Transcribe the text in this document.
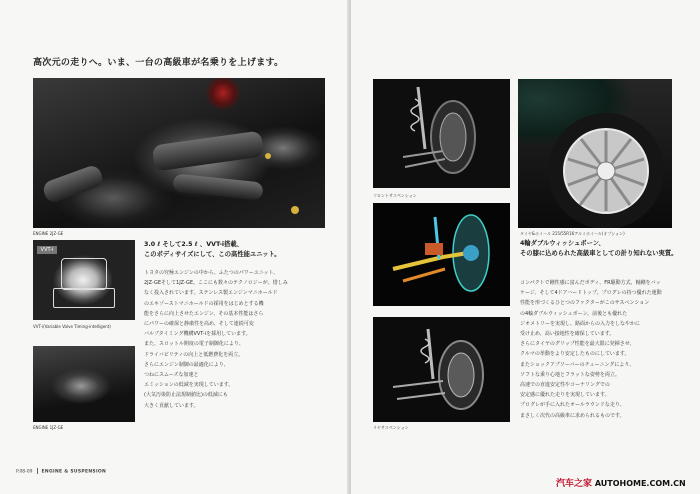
高次元の走りへ。いま、一台の高級車が名乗りを上げます。
ENGINE 2JZ-GE
VVT-i
VVT-i(Variable Valve Timing-intelligent)
ENGINE 1JZ-GE
3.0 ℓ そして2.5 ℓ 、VVT-i搭載、
このボディサイズにして、この高性能ユニット。
トヨタの究極エンジンの中から、ふたつのパワーユニット、
2JZ-GEそして1JZ-GE。ここにも数々のテクノロジーが、惜しみ
なく投入されています。ステンレス製エンジンマニホールド
のエキゾーストマニホールドの採用をはじめとする機
能をさらに向上させたエンジン、その基本性能はさら
にパワーの確保と静粛性を高め、そして連続可変
バルブタイミング機構VVT-iを採用しています。
また、スロットル開度の電子制御化により、
ドライバビリティの向上と低燃費化を両立。
さらにエンジン制御の最適化により、
つねにスムーズな加速と
エミッションの低減を実現しています。
(大気汚染防止法規制値比)の低減にも
大きく貢献しています。
P.08-09 ENGINE & SUSPENSION
フロントサスペンション
タイヤ&ホイール 215/55R16アルミホイール(オプション)
4輪ダブルウィッシュボーン、
その膝に込められた高級車としての計り知れない実質。
コンパクトで剛性感に富んだボディ、FR駆動方式、軸剛をバッ
ケージ、そして4ドアハードトップ。プログレの持つ優れた運動
性能を形づくるひとつのファクターがこのサスペンション
の4輪ダブルウィッシュボーン。前後とも優れた
ジオメトリーを実現し、路面からの入力をしなやかに
受け止め、高い接地性を確保しています。
さらにタイヤのグリップ性能を最大限に発揮させ、
クルマの挙動をより安定したものにしています。
またショックアブソーバーのチューニングにより、
ソフトな乗り心地とフラットな姿勢を両立。
高速での直進安定性やコーナリングでの
安定感に優れた走りを実現しています。
プログレが手に入れたオールラウンドな走り、
まさしく次代の高級車に求められるものです。
リヤサスペンション
汽车之家 AUTOHOME.COM.CN
